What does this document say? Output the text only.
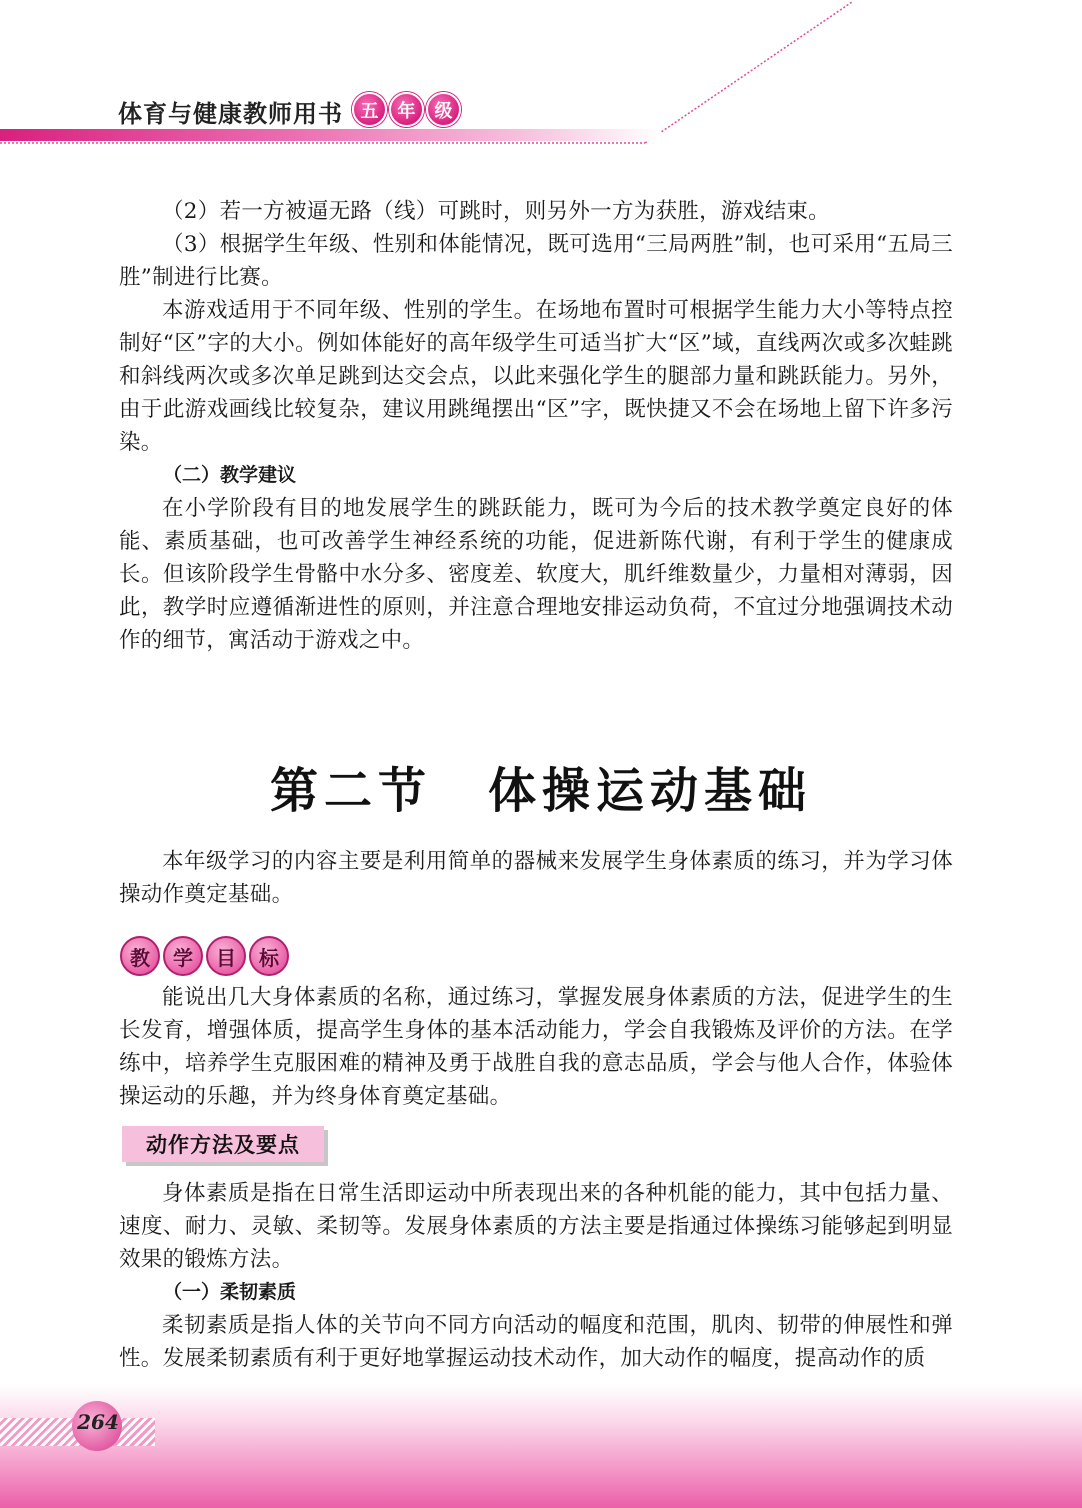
体育与健康教师用书 五	年	级

（2）若一方被逼无路（线）可跳时，则另外一方为获胜，游戏结束。

（3）根据学生年级、性别和体能情况，既可选用“三局两胜”制，也可采用“五局三胜”制进行比赛。

本游戏适用于不同年级、性别的学生。在场地布置时可根据学生能力大小等特点控制好“区”字的大小。例如体能好的高年级学生可适当扩大“区”域，直线两次或多次蛙跳和斜线两次或多次单足跳到达交会点，以此来强化学生的腿部力量和跳跃能力。另外，由于此游戏画线比较复杂，建议用跳绳摆出“区”字，既快捷又不会在场地上留下许多污染。

（二）教学建议

在小学阶段有目的地发展学生的跳跃能力，既可为今后的技术教学奠定良好的体能、素质基础，也可改善学生神经系统的功能，促进新陈代谢，有利于学生的健康成长。但该阶段学生骨骼中水分多、密度差、软度大，肌纤维数量少，力量相对薄弱，因此，教学时应遵循渐进性的原则，并注意合理地安排运动负荷，不宜过分地强调技术动作的细节，寓活动于游戏之中。

第二节 体操运动基础

本年级学习的内容主要是利用简单的器械来发展学生身体素质的练习，并为学习体操动作奠定基础。

教	学	目	标

能说出几大身体素质的名称，通过练习，掌握发展身体素质的方法，促进学生的生长发育，增强体质，提高学生身体的基本活动能力，学会自我锻炼及评价的方法。在学练中，培养学生克服困难的精神及勇于战胜自我的意志品质，学会与他人合作，体验体操运动的乐趣，并为终身体育奠定基础。

动作方法及要点

身体素质是指在日常生活即运动中所表现出来的各种机能的能力，其中包括力量、速度、耐力、灵敏、柔韧等。发展身体素质的方法主要是指通过体操练习能够起到明显效果的锻炼方法。

（一）柔韧素质

柔韧素质是指人体的关节向不同方向活动的幅度和范围，肌肉、韧带的伸展性和弹性。发展柔韧素质有利于更好地掌握运动技术动作，加大动作的幅度，提高动作的质

264
